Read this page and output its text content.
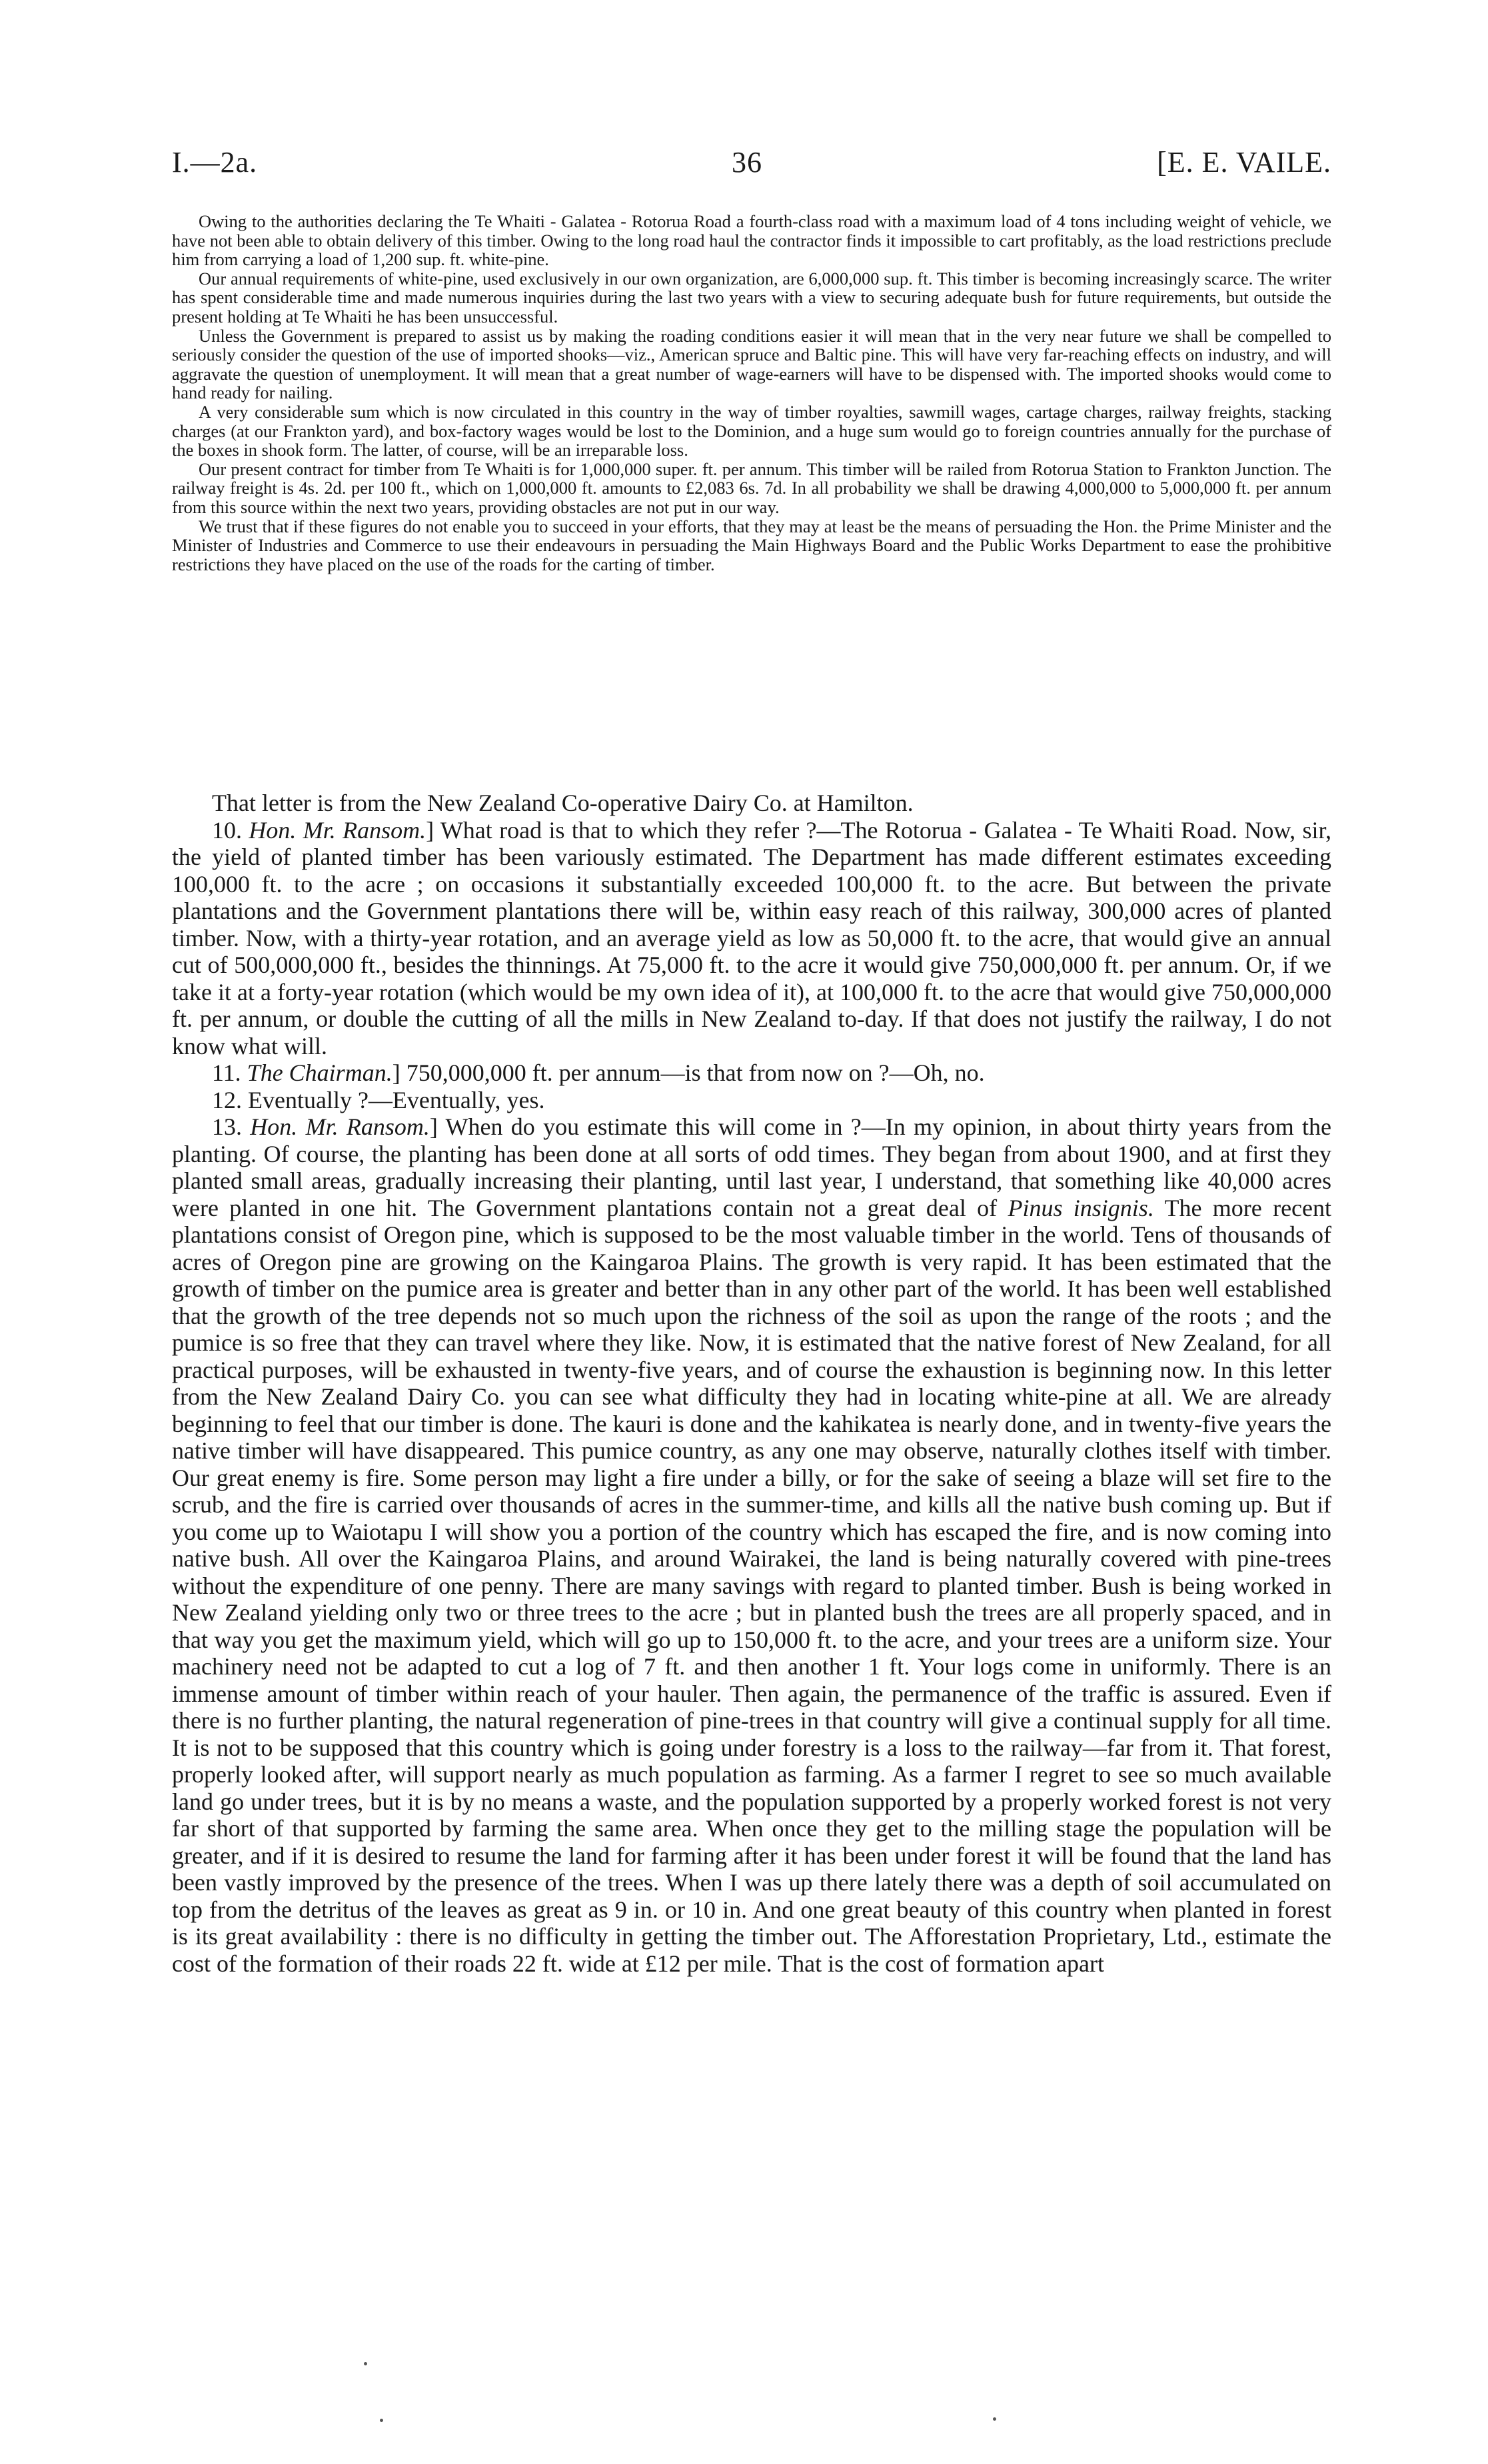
I.—2a.	36	[E. E. VAILE.

Owing to the authorities declaring the Te Whaiti - Galatea - Rotorua Road a fourth-class road with a maximum load of 4 tons including weight of vehicle, we have not been able to obtain delivery of this timber. Owing to the long road haul the contractor finds it impossible to cart profitably, as the load restrictions preclude him from carrying a load of 1,200 sup. ft. white-pine.

Our annual requirements of white-pine, used exclusively in our own organization, are 6,000,000 sup. ft. This timber is becoming increasingly scarce. The writer has spent considerable time and made numerous inquiries during the last two years with a view to securing adequate bush for future requirements, but outside the present holding at Te Whaiti he has been unsuccessful.

Unless the Government is prepared to assist us by making the roading conditions easier it will mean that in the very near future we shall be compelled to seriously consider the question of the use of imported shooks—viz., American spruce and Baltic pine. This will have very far-reaching effects on industry, and will aggravate the question of unemployment. It will mean that a great number of wage-earners will have to be dispensed with. The imported shooks would come to hand ready for nailing.

A very considerable sum which is now circulated in this country in the way of timber royalties, sawmill wages, cartage charges, railway freights, stacking charges (at our Frankton yard), and box-factory wages would be lost to the Dominion, and a huge sum would go to foreign countries annually for the purchase of the boxes in shook form. The latter, of course, will be an irreparable loss.

Our present contract for timber from Te Whaiti is for 1,000,000 super. ft. per annum. This timber will be railed from Rotorua Station to Frankton Junction. The railway freight is 4s. 2d. per 100 ft., which on 1,000,000 ft. amounts to £2,083 6s. 7d. In all probability we shall be drawing 4,000,000 to 5,000,000 ft. per annum from this source within the next two years, providing obstacles are not put in our way.

We trust that if these figures do not enable you to succeed in your efforts, that they may at least be the means of persuading the Hon. the Prime Minister and the Minister of Industries and Commerce to use their endeavours in persuading the Main Highways Board and the Public Works Department to ease the prohibitive restrictions they have placed on the use of the roads for the carting of timber.

That letter is from the New Zealand Co-operative Dairy Co. at Hamilton.

10. Hon. Mr. Ransom.] What road is that to which they refer ?—The Rotorua - Galatea - Te Whaiti Road. Now, sir, the yield of planted timber has been variously estimated. The Department has made different estimates exceeding 100,000 ft. to the acre ; on occasions it substantially exceeded 100,000 ft. to the acre. But between the private plantations and the Government plantations there will be, within easy reach of this railway, 300,000 acres of planted timber. Now, with a thirty-year rotation, and an average yield as low as 50,000 ft. to the acre, that would give an annual cut of 500,000,000 ft., besides the thinnings. At 75,000 ft. to the acre it would give 750,000,000 ft. per annum. Or, if we take it at a forty-year rotation (which would be my own idea of it), at 100,000 ft. to the acre that would give 750,000,000 ft. per annum, or double the cutting of all the mills in New Zealand to-day. If that does not justify the railway, I do not know what will.

11. The Chairman.] 750,000,000 ft. per annum—is that from now on ?—Oh, no.

12. Eventually ?—Eventually, yes.

13. Hon. Mr. Ransom.] When do you estimate this will come in ?—In my opinion, in about thirty years from the planting. Of course, the planting has been done at all sorts of odd times. They began from about 1900, and at first they planted small areas, gradually increasing their planting, until last year, I understand, that something like 40,000 acres were planted in one hit. The Government plantations contain not a great deal of Pinus insignis. The more recent plantations consist of Oregon pine, which is supposed to be the most valuable timber in the world. Tens of thousands of acres of Oregon pine are growing on the Kaingaroa Plains. The growth is very rapid. It has been estimated that the growth of timber on the pumice area is greater and better than in any other part of the world. It has been well established that the growth of the tree depends not so much upon the richness of the soil as upon the range of the roots ; and the pumice is so free that they can travel where they like. Now, it is estimated that the native forest of New Zealand, for all practical purposes, will be exhausted in twenty-five years, and of course the exhaustion is beginning now. In this letter from the New Zealand Dairy Co. you can see what difficulty they had in locating white-pine at all. We are already beginning to feel that our timber is done. The kauri is done and the kahikatea is nearly done, and in twenty-five years the native timber will have disappeared. This pumice country, as any one may observe, naturally clothes itself with timber. Our great enemy is fire. Some person may light a fire under a billy, or for the sake of seeing a blaze will set fire to the scrub, and the fire is carried over thousands of acres in the summer-time, and kills all the native bush coming up. But if you come up to Waiotapu I will show you a portion of the country which has escaped the fire, and is now coming into native bush. All over the Kaingaroa Plains, and around Wairakei, the land is being naturally covered with pine-trees without the expenditure of one penny. There are many savings with regard to planted timber. Bush is being worked in New Zealand yielding only two or three trees to the acre ; but in planted bush the trees are all properly spaced, and in that way you get the maximum yield, which will go up to 150,000 ft. to the acre, and your trees are a uniform size. Your machinery need not be adapted to cut a log of 7 ft. and then another 1 ft. Your logs come in uniformly. There is an immense amount of timber within reach of your hauler. Then again, the permanence of the traffic is assured. Even if there is no further planting, the natural regeneration of pine-trees in that country will give a continual supply for all time. It is not to be supposed that this country which is going under forestry is a loss to the railway—far from it. That forest, properly looked after, will support nearly as much population as farming. As a farmer I regret to see so much available land go under trees, but it is by no means a waste, and the population supported by a properly worked forest is not very far short of that supported by farming the same area. When once they get to the milling stage the population will be greater, and if it is desired to resume the land for farming after it has been under forest it will be found that the land has been vastly improved by the presence of the trees. When I was up there lately there was a depth of soil accumulated on top from the detritus of the leaves as great as 9 in. or 10 in. And one great beauty of this country when planted in forest is its great availability : there is no difficulty in getting the timber out. The Afforestation Proprietary, Ltd., estimate the cost of the formation of their roads 22 ft. wide at £12 per mile. That is the cost of formation apart
